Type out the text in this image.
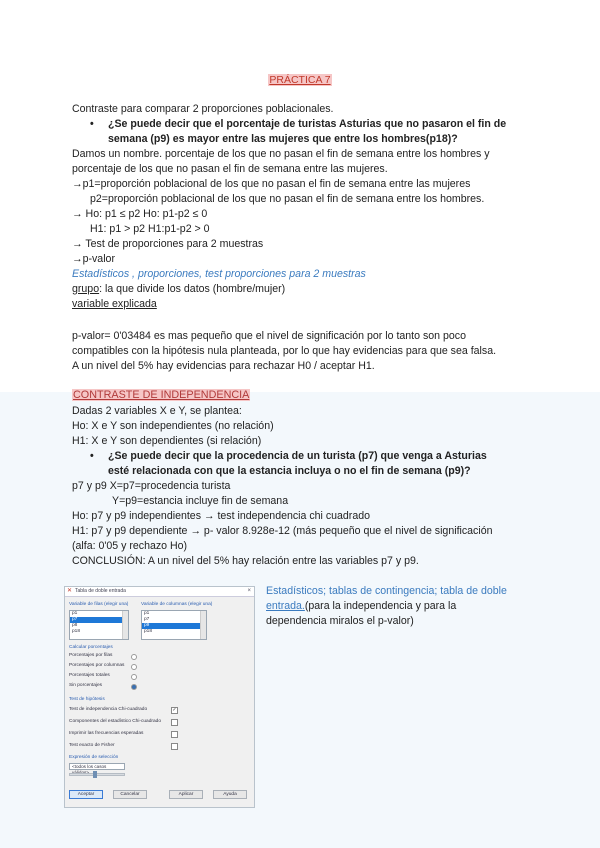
PRÁCTICA 7
Contraste para comparar 2 proporciones poblacionales.
• ¿Se puede decir que el porcentaje de turistas Asturias que no pasaron el fin de
semana (p9) es mayor entre las mujeres que entre los hombres(p18)?
Damos un nombre. porcentaje de los que no pasan el fin de semana entre los hombres y
porcentaje de los que no pasan el fin de semana entre las mujeres.
→p1=proporción poblacional de los que no pasan el fin de semana entre las mujeres
p2=proporción poblacional de los que no pasan el fin de semana entre los hombres.
→ Ho: p1 ≤ p2 Ho: p1-p2 ≤ 0
H1: p1 > p2 H1:p1-p2 > 0
→ Test de proporciones para 2 muestras
→p-valor
Estadísticos , proporciones, test proporciones para 2 muestras
grupo: la que divide los datos (hombre/mujer)
variable explicada
p-valor= 0'03484 es mas pequeño que el nivel de significación por lo tanto son poco
compatibles con la hipótesis nula planteada, por lo que hay evidencias para que sea falsa.
A un nivel del 5% hay evidencias para rechazar H0 / aceptar H1.
CONTRASTE DE INDEPENDENCIA
Dadas 2 variables X e Y, se plantea:
Ho: X e Y son independientes (no relación)
H1: X e Y son dependientes (si relación)
• ¿Se puede decir que la procedencia de un turista (p7) que venga a Asturias
esté relacionada con que la estancia incluya o no el fin de semana (p9)?
p7 y p9 X=p7=procedencia turista
Y=p9=estancia incluye fin de semana
Ho: p7 y p9 independientes → test independencia chi cuadrado
H1: p7 y p9 dependiente → p- valor 8.928e-12 (más pequeño que el nivel de significación
(alfa: 0'05 y rechazo Ho)
CONCLUSIÓN: A un nivel del 5% hay relación entre las variables p7 y p9.
✕ Tabla de doble entrada	×
Variable de filas (elegir una)	Variable de columnas (elegir una)
p1
p7
p8
p18
p1
p7
p9
p18
Calcular porcentajes
Test de hipótesis
Expresión de selección
<todos los casos
Aceptar	Cancelar	Aplicar	Ayuda
Porcentajes por filas
Porcentajes por columnas
Porcentajes totales
Sin porcentajes
Test de independencia Chi-cuadrado	✓
Componentes del estadístico Chi-cuadrado
Imprimir las frecuencias esperadas
Test exacto de Fisher
Estadísticos; tablas de contingencia; tabla de doble
entrada.(para la independencia y para la
dependencia miralos el p-valor)
